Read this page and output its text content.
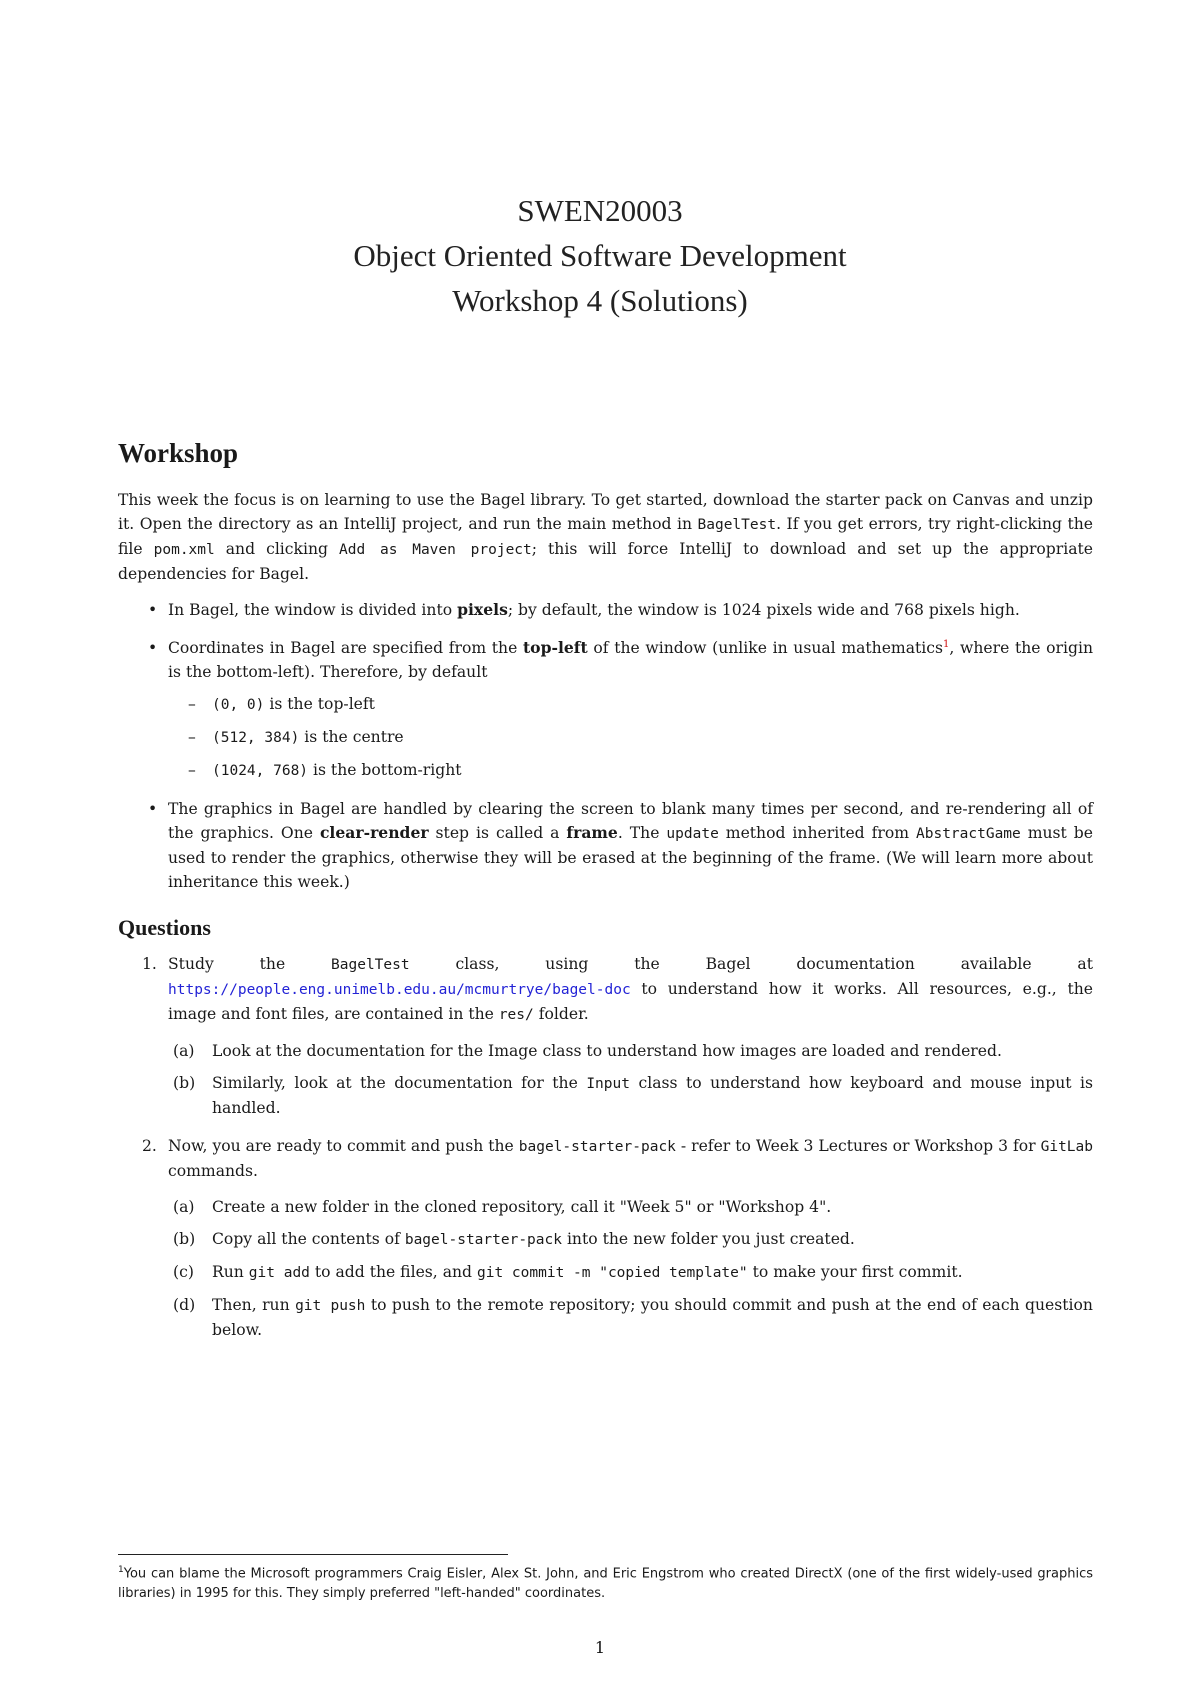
SWEN20003
Object Oriented Software Development
Workshop 4 (Solutions)
Workshop

This week the focus is on learning to use the Bagel library. To get started, download the starter pack on Canvas and unzip it. Open the directory as an IntelliJ project, and run the main method in BagelTest. If you get errors, try right-clicking the file pom.xml and clicking Add as Maven project; this will force IntelliJ to download and set up the appropriate dependencies for Bagel.

• In Bagel, the window is divided into pixels; by default, the window is 1024 pixels wide and 768 pixels high.
• Coordinates in Bagel are specified from the top-left of the window (unlike in usual mathematics$^1$, where the origin is the bottom-left). Therefore, by default
– (0, 0) is the top-left
– (512, 384) is the centre
– (1024, 768) is the bottom-right
• The graphics in Bagel are handled by clearing the screen to blank many times per second, and re-rendering all of the graphics. One clear-render step is called a frame. The update method inherited from AbstractGame must be used to render the graphics, otherwise they will be erased at the beginning of the frame. (We will learn more about inheritance this week.)
Questions
1. Study the BagelTest class, using the Bagel documentation available at https://people.eng.unimelb.edu.au/mcmurtrye/bagel-doc to understand how it works. All resources, e.g., the image and font files, are contained in the res/ folder.
(a) Look at the documentation for the Image class to understand how images are loaded and rendered.
(b) Similarly, look at the documentation for the Input class to understand how keyboard and mouse input is handled.
2. Now, you are ready to commit and push the bagel-starter-pack - refer to Week 3 Lectures or Workshop 3 for GitLab commands.
(a) Create a new folder in the cloned repository, call it "Week 5" or "Workshop 4".
(b) Copy all the contents of bagel-starter-pack into the new folder you just created.
(c) Run git add to add the files, and git commit -m "copied template" to make your first commit.
(d) Then, run git push to push to the remote repository; you should commit and push at the end of each question below.
$^1$You can blame the Microsoft programmers Craig Eisler, Alex St. John, and Eric Engstrom who created DirectX (one of the first widely-used graphics libraries) in 1995 for this. They simply preferred "left-handed" coordinates.
1
